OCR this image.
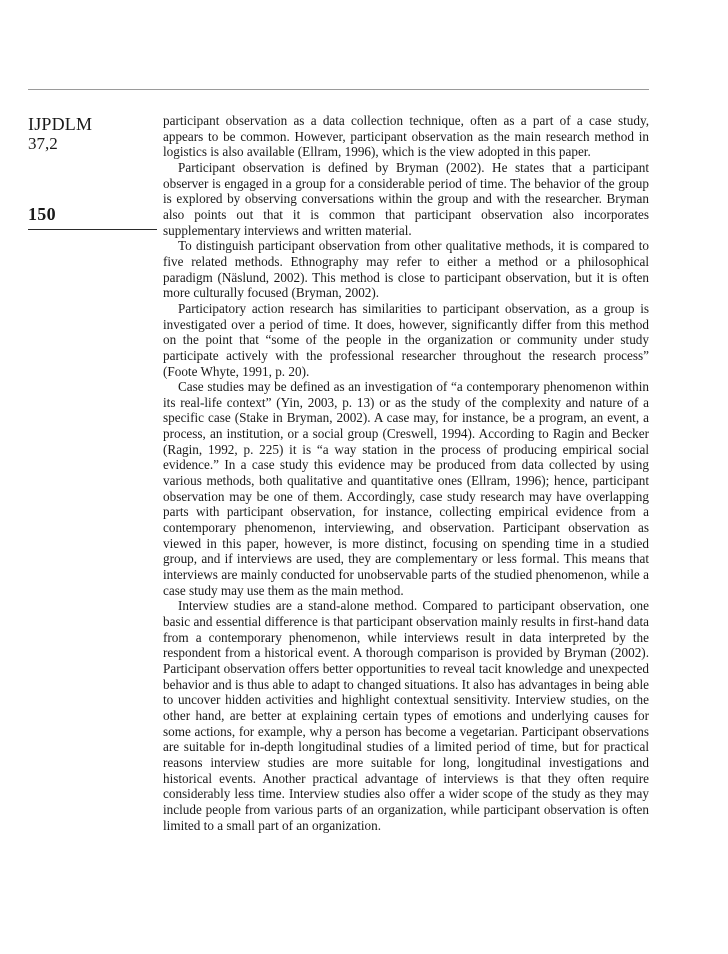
IJPDLM
37,2
150

participant observation as a data collection technique, often as a part of a case study, appears to be common. However, participant observation as the main research method in logistics is also available (Ellram, 1996), which is the view adopted in this paper.

Participant observation is defined by Bryman (2002). He states that a participant observer is engaged in a group for a considerable period of time. The behavior of the group is explored by observing conversations within the group and with the researcher. Bryman also points out that it is common that participant observation also incorporates supplementary interviews and written material.

To distinguish participant observation from other qualitative methods, it is compared to five related methods. Ethnography may refer to either a method or a philosophical paradigm (Näslund, 2002). This method is close to participant observation, but it is often more culturally focused (Bryman, 2002).

Participatory action research has similarities to participant observation, as a group is investigated over a period of time. It does, however, significantly differ from this method on the point that “some of the people in the organization or community under study participate actively with the professional researcher throughout the research process” (Foote Whyte, 1991, p. 20).

Case studies may be defined as an investigation of “a contemporary phenomenon within its real-life context” (Yin, 2003, p. 13) or as the study of the complexity and nature of a specific case (Stake in Bryman, 2002). A case may, for instance, be a program, an event, a process, an institution, or a social group (Creswell, 1994). According to Ragin and Becker (Ragin, 1992, p. 225) it is “a way station in the process of producing empirical social evidence.” In a case study this evidence may be produced from data collected by using various methods, both qualitative and quantitative ones (Ellram, 1996); hence, participant observation may be one of them. Accordingly, case study research may have overlapping parts with participant observation, for instance, collecting empirical evidence from a contemporary phenomenon, interviewing, and observation. Participant observation as viewed in this paper, however, is more distinct, focusing on spending time in a studied group, and if interviews are used, they are complementary or less formal. This means that interviews are mainly conducted for unobservable parts of the studied phenomenon, while a case study may use them as the main method.

Interview studies are a stand-alone method. Compared to participant observation, one basic and essential difference is that participant observation mainly results in first-hand data from a contemporary phenomenon, while interviews result in data interpreted by the respondent from a historical event. A thorough comparison is provided by Bryman (2002). Participant observation offers better opportunities to reveal tacit knowledge and unexpected behavior and is thus able to adapt to changed situations. It also has advantages in being able to uncover hidden activities and highlight contextual sensitivity. Interview studies, on the other hand, are better at explaining certain types of emotions and underlying causes for some actions, for example, why a person has become a vegetarian. Participant observations are suitable for in-depth longitudinal studies of a limited period of time, but for practical reasons interview studies are more suitable for long, longitudinal investigations and historical events. Another practical advantage of interviews is that they often require considerably less time. Interview studies also offer a wider scope of the study as they may include people from various parts of an organization, while participant observation is often limited to a small part of an organization.
